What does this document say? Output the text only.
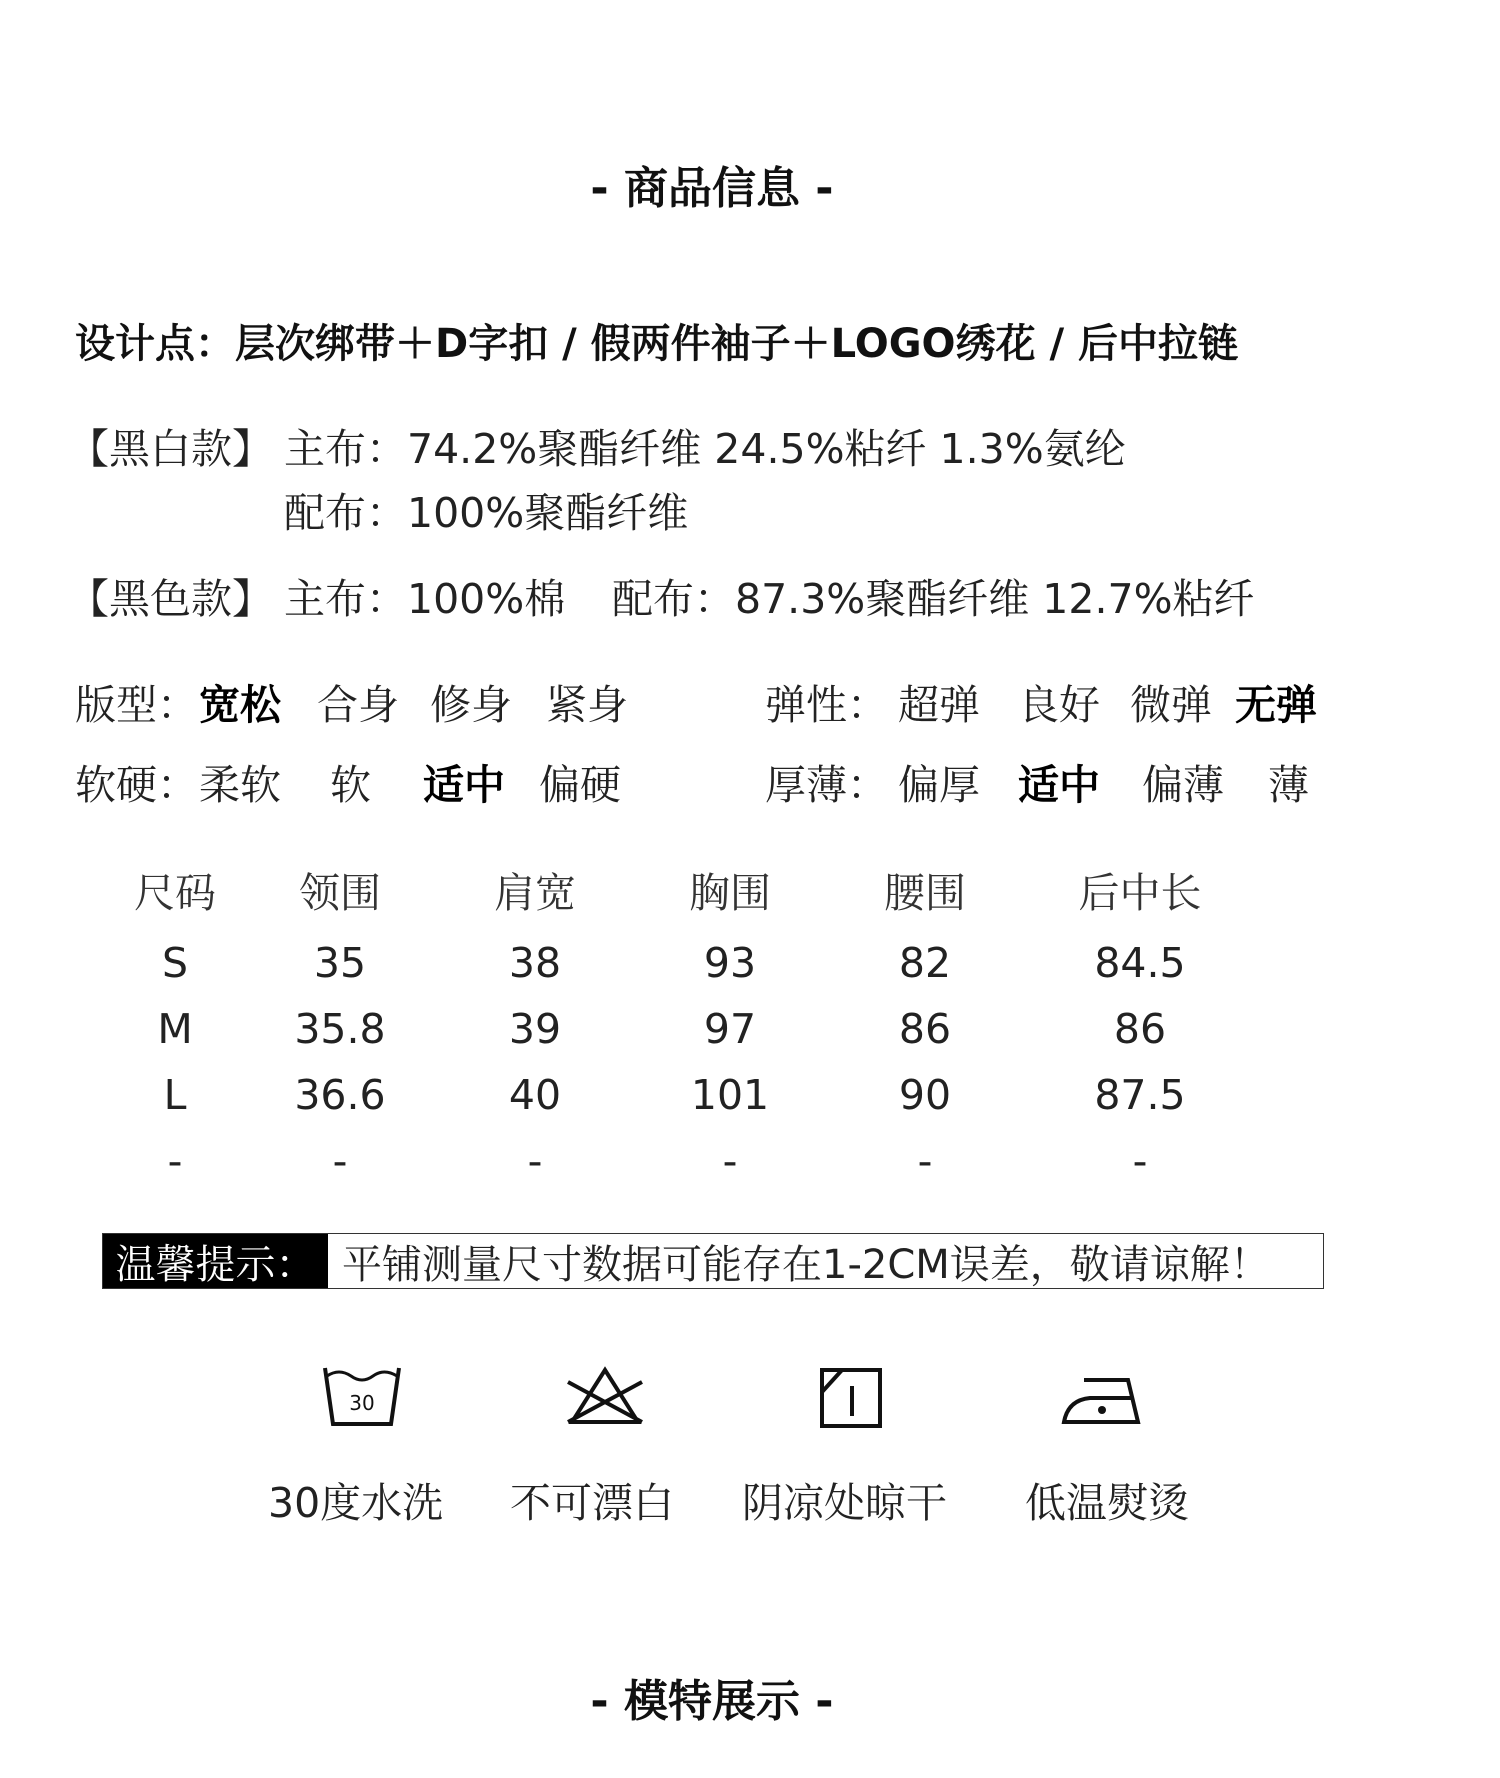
- 商品信息 -
设计点：层次绑带＋D字扣 / 假两件袖子＋LOGO绣花 / 后中拉链
【黑白款】 主布：74.2%聚酯纤维 24.5%粘纤 1.3%氨纶
配布：100%聚酯纤维
【黑色款】 主布：100%棉 配布：87.3%聚酯纤维 12.7%粘纤
版型： 宽松 合身 修身 紧身	弹性： 超弹 良好 微弹 无弹
软硬： 柔软 软 适中 偏硬	厚薄： 偏厚 适中 偏薄 薄
尺码	领围	肩宽	胸围	腰围	后中长
S	35	38	93	82	84.5
M	35.8	39	97	86	86
L	36.6	40	101	90	87.5
-	-	-	-	-	-
温馨提示： 平铺测量尺寸数据可能存在1-2CM误差，敬请谅解！
30
30度水洗 不可漂白 阴凉处晾干 低温熨烫
- 模特展示 -
